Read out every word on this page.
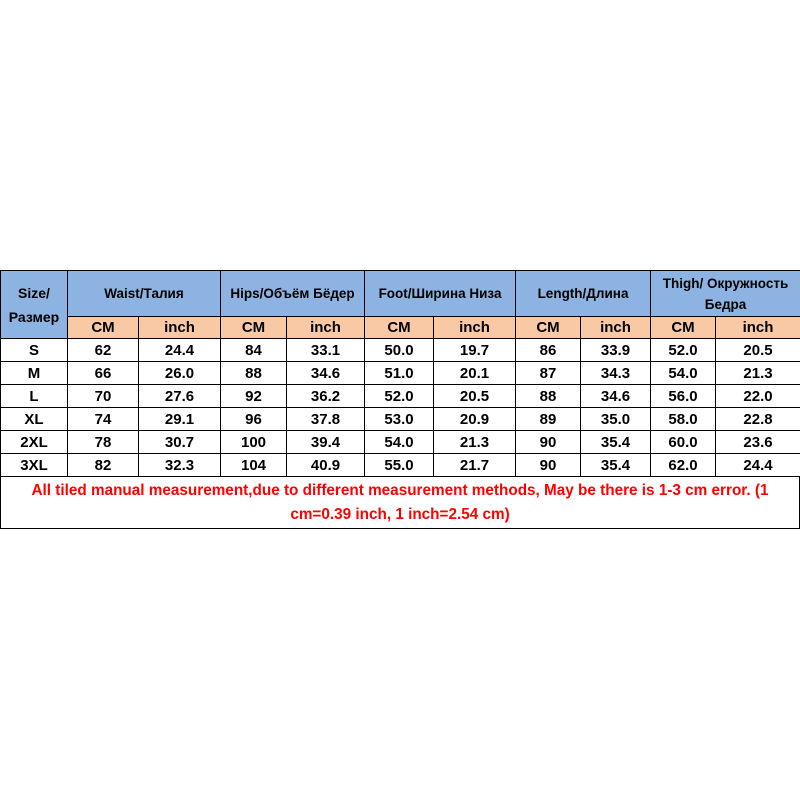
Size/ Размер	Waist/Талия		Hips/Объём Бёдер		Foot/Ширина Низа		Length/Длина		Thigh/ Окружность Бедра	
	CM	inch	CM	inch	CM	inch	CM	inch	CM	inch
S	62	24.4	84	33.1	50.0	19.7	86	33.9	52.0	20.5
M	66	26.0	88	34.6	51.0	20.1	87	34.3	54.0	21.3
L	70	27.6	92	36.2	52.0	20.5	88	34.6	56.0	22.0
XL	74	29.1	96	37.8	53.0	20.9	89	35.0	58.0	22.8
2XL	78	30.7	100	39.4	54.0	21.3	90	35.4	60.0	23.6
3XL	82	32.3	104	40.9	55.0	21.7	90	35.4	62.0	24.4
All tiled manual measurement,due to different measurement methods, May be there is 1-3 cm error. (1 cm=0.39 inch, 1 inch=2.54 cm)
